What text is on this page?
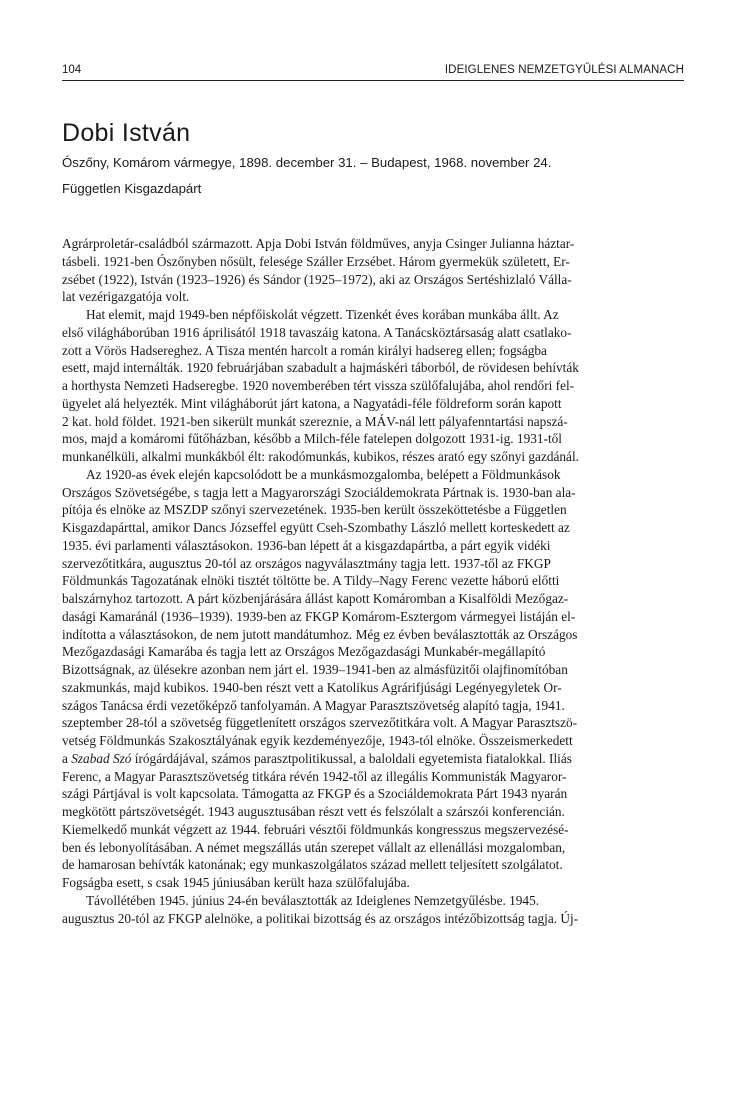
104	IDEIGLENES NEMZETGYŰLÉSI ALMANACH
Dobi István
Ószőny, Komárom vármegye, 1898. december 31. – Budapest, 1968. november 24.
Független Kisgazdapárt
Agrárproletár-családból származott. Apja Dobi István földműves, anyja Csinger Julianna háztar-
tásbeli. 1921-ben Ószőnyben nősült, felesége Száller Erzsébet. Három gyermekük született, Er-
zsébet (1922), István (1923–1926) és Sándor (1925–1972), aki az Országos Sertéshizlaló Válla-
lat vezérigazgatója volt.
Hat elemit, majd 1949-ben népfőiskolát végzett. Tizenkét éves korában munkába állt. Az
első világháborúban 1916 áprilisától 1918 tavaszáig katona. A Tanácsköztársaság alatt csatlako-
zott a Vörös Hadsereghez. A Tisza mentén harcolt a román királyi hadsereg ellen; fogságba
esett, majd internálták. 1920 februárjában szabadult a hajmáskéri táborból, de rövidesen behívták
a horthysta Nemzeti Hadseregbe. 1920 novemberében tért vissza szülőfalujába, ahol rendőri fel-
ügyelet alá helyezték. Mint világháborút járt katona, a Nagyatádi-féle földreform során kapott
2 kat. hold földet. 1921-ben sikerült munkát szereznie, a MÁV-nál lett pályafenntartási napszá-
mos, majd a komáromi fűtőházban, később a Milch-féle fatelepen dolgozott 1931-ig. 1931-től
munkanélküli, alkalmi munkákból élt: rakodómunkás, kubikos, részes arató egy szőnyi gazdánál.
Az 1920-as évek elején kapcsolódott be a munkásmozgalomba, belépett a Földmunkások
Országos Szövetségébe, s tagja lett a Magyarországi Szociáldemokrata Pártnak is. 1930-ban ala-
pítója és elnöke az MSZDP szőnyi szervezetének. 1935-ben került összeköttetésbe a Független
Kisgazdapárttal, amikor Dancs Józseffel együtt Cseh-Szombathy László mellett korteskedett az
1935. évi parlamenti választásokon. 1936-ban lépett át a kisgazdapártba, a párt egyik vidéki
szervezőtitkára, augusztus 20-tól az országos nagyválasztmány tagja lett. 1937-től az FKGP
Földmunkás Tagozatának elnöki tisztét töltötte be. A Tildy–Nagy Ferenc vezette háború előtti
balszárnyhoz tartozott. A párt közbenjárására állást kapott Komáromban a Kisalföldi Mezőgaz-
dasági Kamaránál (1936–1939). 1939-ben az FKGP Komárom-Esztergom vármegyei listáján el-
indította a választásokon, de nem jutott mandátumhoz. Még ez évben beválasztották az Országos
Mezőgazdasági Kamarába és tagja lett az Országos Mezőgazdasági Munkabér-megállapító
Bizottságnak, az ülésekre azonban nem járt el. 1939–1941-ben az almásfüzitői olajfinomítóban
szakmunkás, majd kubikos. 1940-ben részt vett a Katolikus Agrárifjúsági Legényegyletek Or-
szágos Tanácsa érdi vezetőképző tanfolyamán. A Magyar Parasztszövetség alapító tagja, 1941.
szeptember 28-tól a szövetség függetlenített országos szervezőtitkára volt. A Magyar Parasztszö-
vetség Földmunkás Szakosztályának egyik kezdeményezője, 1943-tól elnöke. Összeismerkedett
a Szabad Szó írógárdájával, számos parasztpolitikussal, a baloldali egyetemista fiatalokkal. Iliás
Ferenc, a Magyar Parasztszövetség titkára révén 1942-től az illegális Kommunisták Magyaror-
szági Pártjával is volt kapcsolata. Támogatta az FKGP és a Szociáldemokrata Párt 1943 nyarán
megkötött pártszövetségét. 1943 augusztusában részt vett és felszólalt a szárszói konferencián.
Kiemelkedő munkát végzett az 1944. februári vésztői földmunkás kongresszus megszervezésé-
ben és lebonyolításában. A német megszállás után szerepet vállalt az ellenállási mozgalomban,
de hamarosan behívták katonának; egy munkaszolgálatos század mellett teljesített szolgálatot.
Fogságba esett, s csak 1945 júniusában került haza szülőfalujába.
Távollétében 1945. június 24-én beválasztották az Ideiglenes Nemzetgyűlésbe. 1945.
augusztus 20-tól az FKGP alelnöke, a politikai bizottság és az országos intézőbizottság tagja. Új-
